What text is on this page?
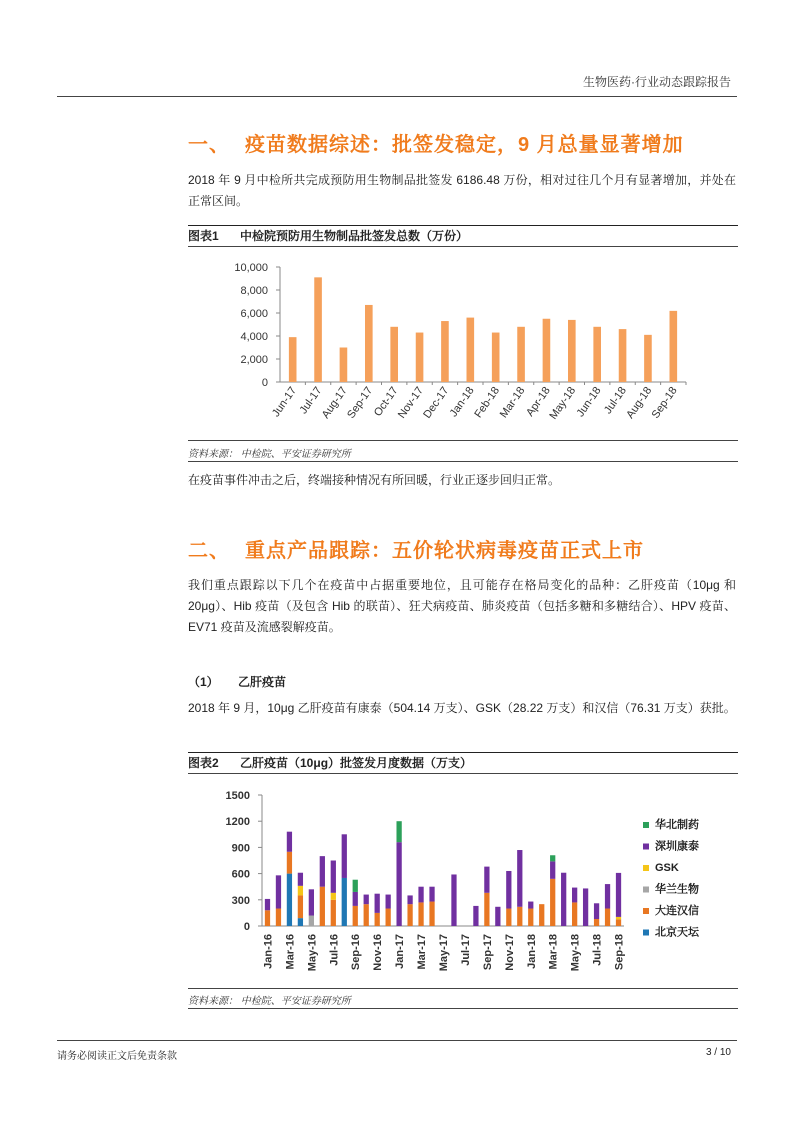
生物医药·行业动态跟踪报告
一、 疫苗数据综述：批签发稳定，9 月总量显著增加
2018 年 9 月中检所共完成预防用生物制品批签发 6186.48 万份，相对过往几个月有显著增加，并处在正常区间。
图表1 中检院预防用生物制品批签发总数（万份）
0
2,000
4,000
6,000
8,000
10,000
Jun-17
Jul-17
Aug-17
Sep-17
Oct-17
Nov-17
Dec-17
Jan-18
Feb-18
Mar-18
Apr-18
May-18
Jun-18
Jul-18
Aug-18
Sep-18
资料来源： 中检院、平安证券研究所
在疫苗事件冲击之后，终端接种情况有所回暖，行业正逐步回归正常。
二、 重点产品跟踪：五价轮状病毒疫苗正式上市
我们重点跟踪以下几个在疫苗中占据重要地位，且可能存在格局变化的品种：乙肝疫苗（10μg 和 20μg）、Hib 疫苗（及包含 Hib 的联苗）、狂犬病疫苗、肺炎疫苗（包括多糖和多糖结合）、HPV 疫苗、EV71 疫苗及流感裂解疫苗。
（1） 乙肝疫苗
2018 年 9 月，10μg 乙肝疫苗有康泰（504.14 万支）、GSK（28.22 万支）和汉信（76.31 万支）获批。
图表2 乙肝疫苗（10μg）批签发月度数据（万支）
0
300
600
900
1200
1500
Jan-16 Mar-16 May-16 Jul-16 Sep-16 Nov-16 Jan-17 Mar-17 May-17 Jul-17 Sep-17 Nov-17 Jan-18 Mar-18 May-18 Jul-18 Sep-18
华北制药
深圳康泰
GSK
华兰生物
大连汉信
北京天坛
资料来源： 中检院、平安证券研究所
请务必阅读正文后免责条款	3 / 10
